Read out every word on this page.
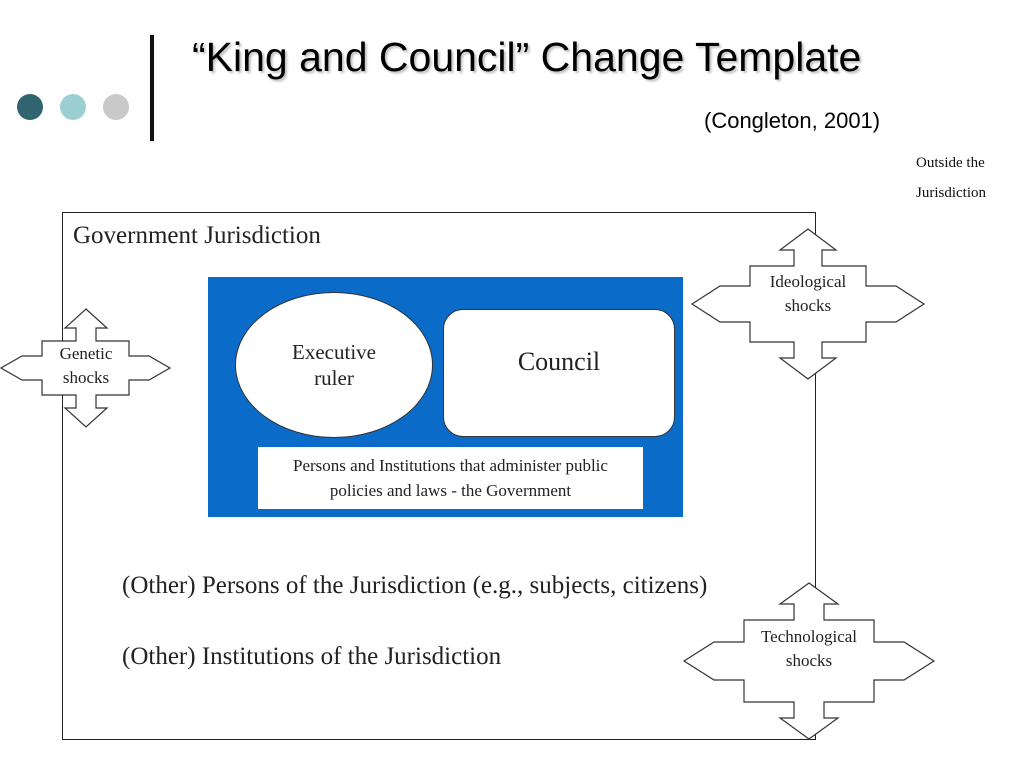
“King and Council” Change Template

(Congleton, 2001)

Outside the
Jurisdiction
Government Jurisdiction
Executive
ruler
Council
Persons and Institutions that administer public
policies and laws - the Government
(Other) Persons of the Jurisdiction (e.g., subjects, citizens)
(Other) Institutions of the Jurisdiction
Genetic
shocks
Ideological
shocks
Technological
shocks
